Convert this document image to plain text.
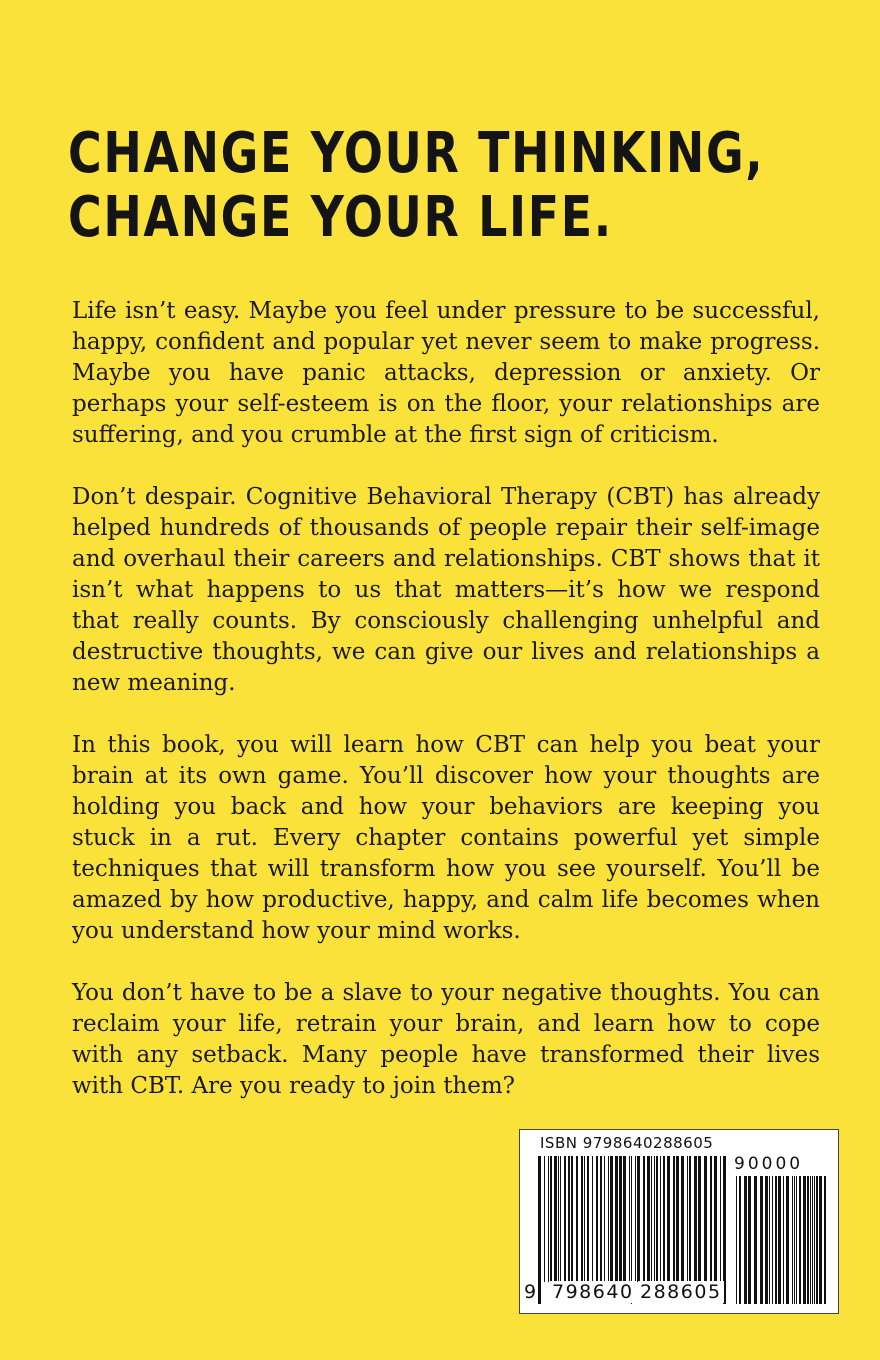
CHANGE YOUR THINKING,
CHANGE YOUR LIFE.

Life isn’t easy. Maybe you feel under pressure to be successful, happy, confident and popular yet never seem to make progress. Maybe you have panic attacks, depression or anxiety. Or perhaps your self-esteem is on the floor, your relationships are suffering, and you crumble at the first sign of criticism.

Don’t despair. Cognitive Behavioral Therapy (CBT) has already helped hundreds of thousands of people repair their self-image and overhaul their careers and relationships. CBT shows that it isn’t what happens to us that matters—it’s how we respond that really counts. By consciously challenging unhelpful and destructive thoughts, we can give our lives and relationships a new meaning.

In this book, you will learn how CBT can help you beat your brain at its own game. You’ll discover how your thoughts are holding you back and how your behaviors are keeping you stuck in a rut. Every chapter contains powerful yet simple techniques that will transform how you see yourself. You’ll be amazed by how productive, happy, and calm life becomes when you understand how your mind works.

You don’t have to be a slave to your negative thoughts. You can reclaim your life, retrain your brain, and learn how to cope with any setback. Many people have transformed their lives with CBT. Are you ready to join them?

ISBN 9798640288605
90000
9 798640 288605
